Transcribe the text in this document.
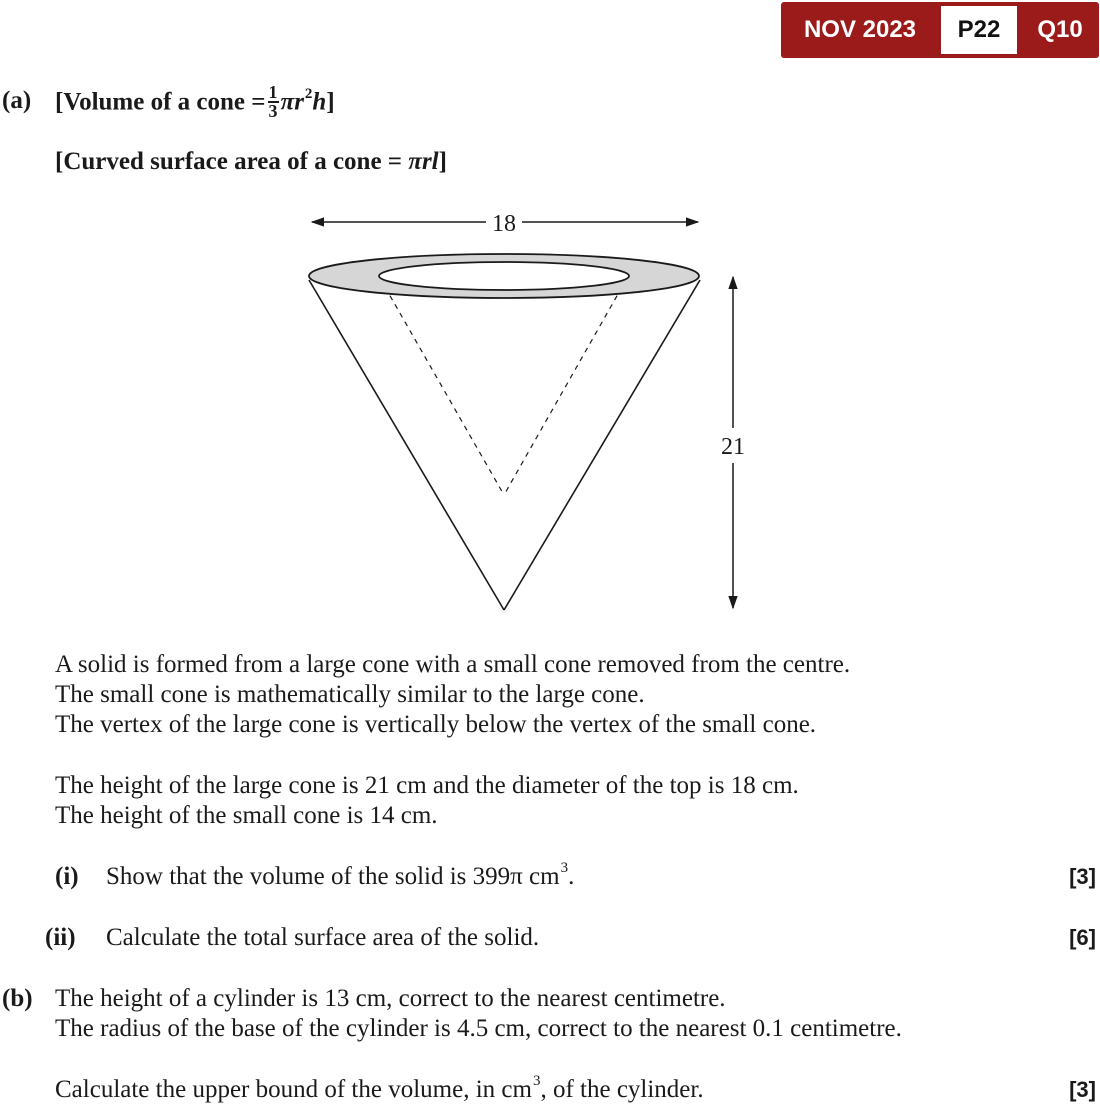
NOV 2023	P22	Q10
(a) [Volume of a cone = $\frac{1}{3} \pi r^2h$]
[Curved surface area of a cone = πrl]
18
21
A solid is formed from a large cone with a small cone removed from the centre.
The small cone is mathematically similar to the large cone.
The vertex of the large cone is vertically below the vertex of the small cone.
The height of the large cone is 21 cm and the diameter of the top is 18 cm.
The height of the small cone is 14 cm.
(i) Show that the volume of the solid is 399π $cm^3$.	[3]
(ii) Calculate the total surface area of the solid.	[6]
(b) The height of a cylinder is 13 cm, correct to the nearest centimetre.
The radius of the base of the cylinder is 4.5 cm, correct to the nearest 0.1 centimetre.
Calculate the upper bound of the volume, in $cm^3$, of the cylinder.	[3]
